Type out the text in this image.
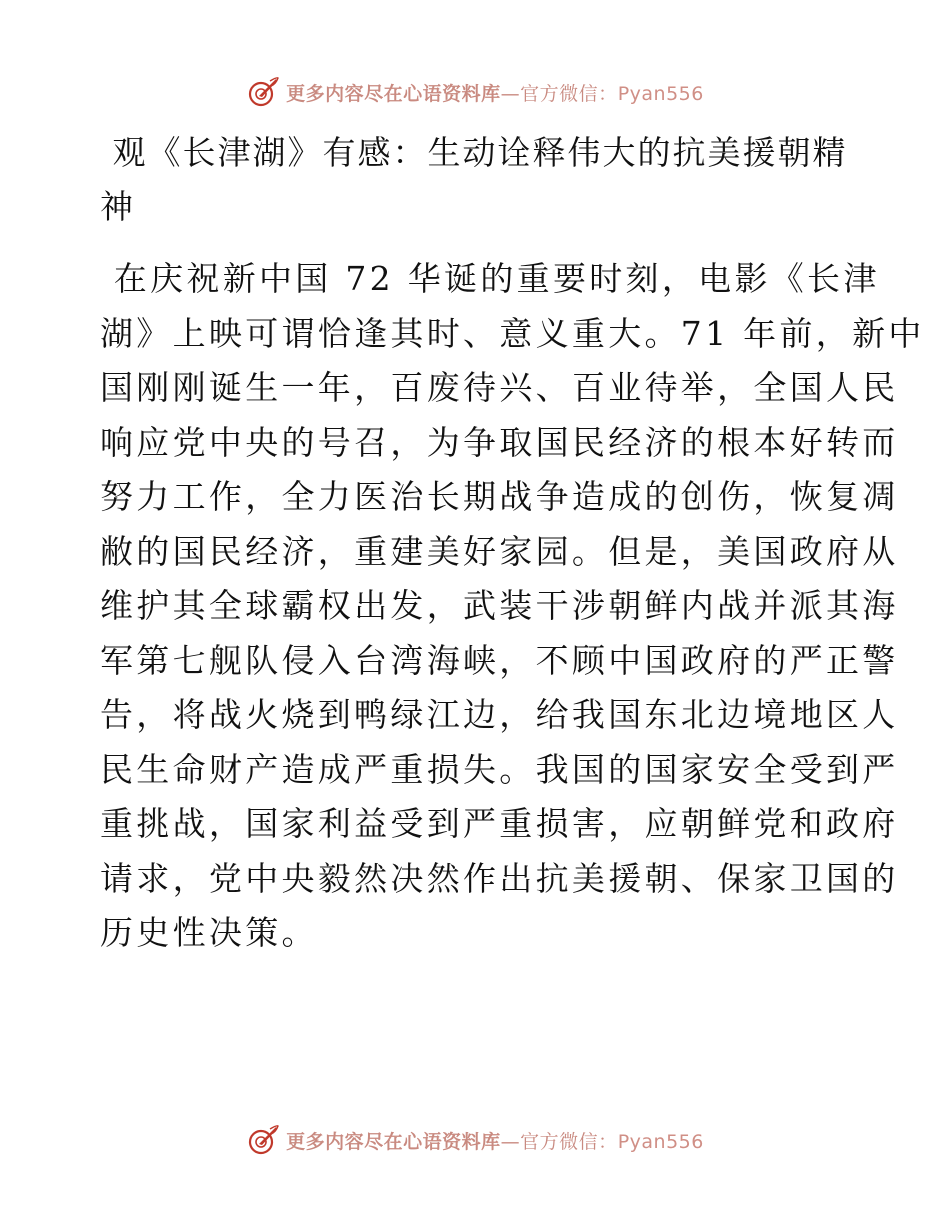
更多内容尽在心语资料库—官方微信：Pyan556
观《长津湖》有感：生动诠释伟大的抗美援朝精
神

在庆祝新中国 72 华诞的重要时刻，电影《长津
湖》上映可谓恰逢其时、意义重大。71 年前，新中
国刚刚诞生一年，百废待兴、百业待举，全国人民
响应党中央的号召，为争取国民经济的根本好转而
努力工作，全力医治长期战争造成的创伤，恢复凋
敝的国民经济，重建美好家园。但是，美国政府从
维护其全球霸权出发，武装干涉朝鲜内战并派其海
军第七舰队侵入台湾海峡，不顾中国政府的严正警
告，将战火烧到鸭绿江边，给我国东北边境地区人
民生命财产造成严重损失。我国的国家安全受到严
重挑战，国家利益受到严重损害，应朝鲜党和政府
请求，党中央毅然决然作出抗美援朝、保家卫国的
历史性决策。

更多内容尽在心语资料库—官方微信：Pyan556
